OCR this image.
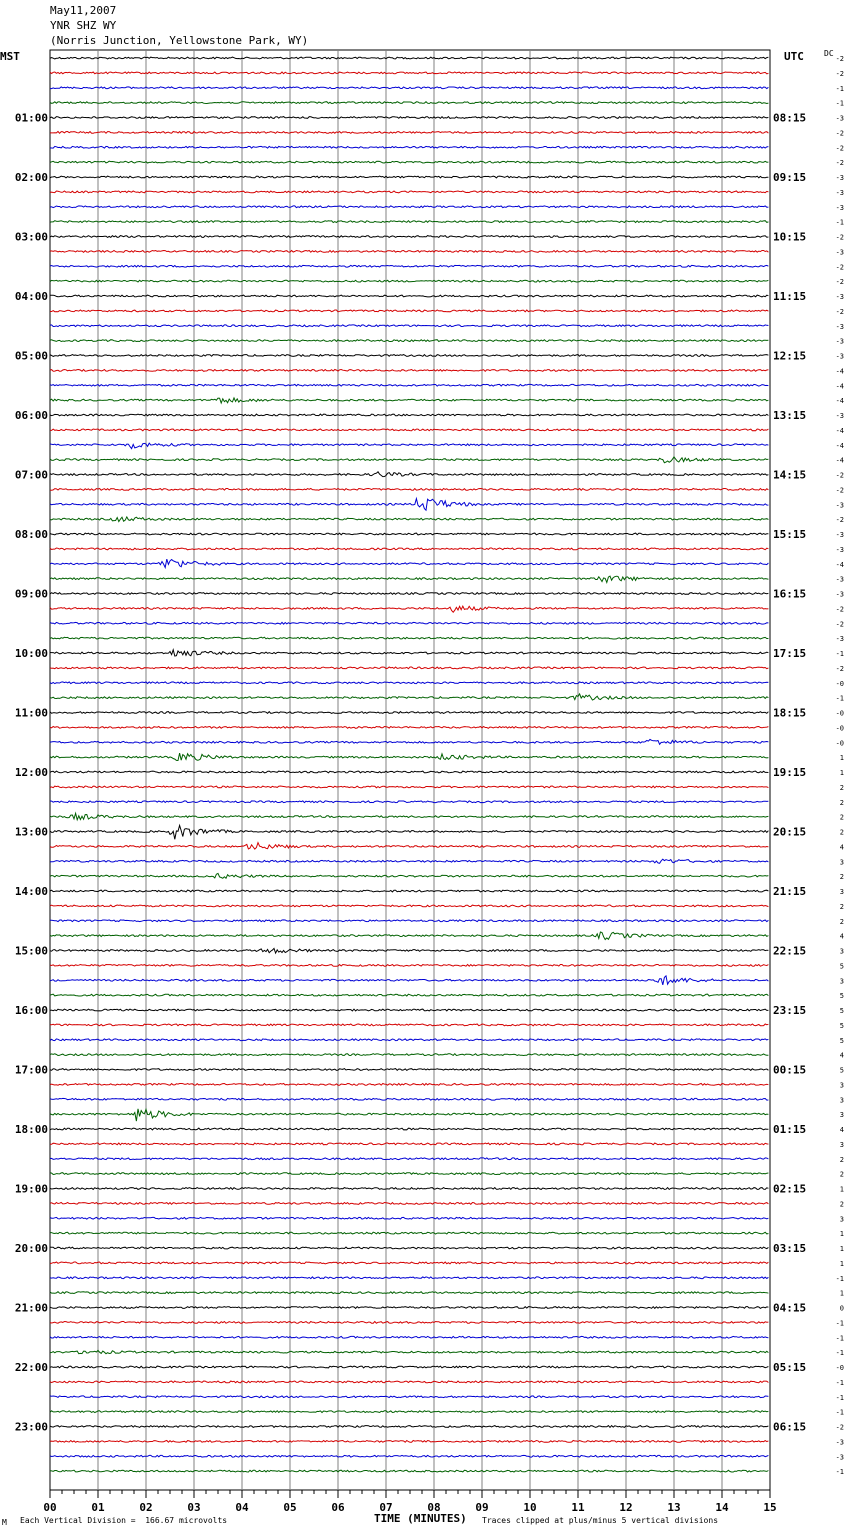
May11,2007
YNR SHZ WY
(Norris Junction, Yellowstone Park, WY)
MST	UTC	DC
00	01	02	03	04	05	06	07	08	09	10	11	12	13	14	15
-2
-2
-1
-1
-3
-2
-2
-2
-3
-3
-3
-1
-2
-3
-2
-2
-3
-2
-3
-3
-3
-4
-4
-4
-3
-4
-4
-4
-2
-2
-3
-2
-3
-3
-4
-3
-3
-2
-2
-3
-1
-2
-0
-1
-0
-0
-0
1
1
2
2
2
2
4
3
2
3
2
2
4
3
5
3
5
5
5
5
4
5
3
3
3
4
3
2
2
1
2
3
1
1
1
-1
1
0
-1
-1
-1
-0
-1
-1
-1
-2
-3
-3
-1
01:00
02:00
03:00
04:00
05:00
06:00
07:00
08:00
09:00
10:00
11:00
12:00
13:00
14:00
15:00
16:00
17:00
18:00
19:00
20:00
21:00
22:00
23:00
08:15
09:15
10:15
11:15
12:15
13:15
14:15
15:15
16:15
17:15
18:15
19:15
20:15
21:15
22:15
23:15
00:15
01:15
02:15
03:15
04:15
05:15
06:15
M Each Vertical Division =  166.67 microvolts	TIME (MINUTES) Traces clipped at plus/minus 5 vertical divisions
